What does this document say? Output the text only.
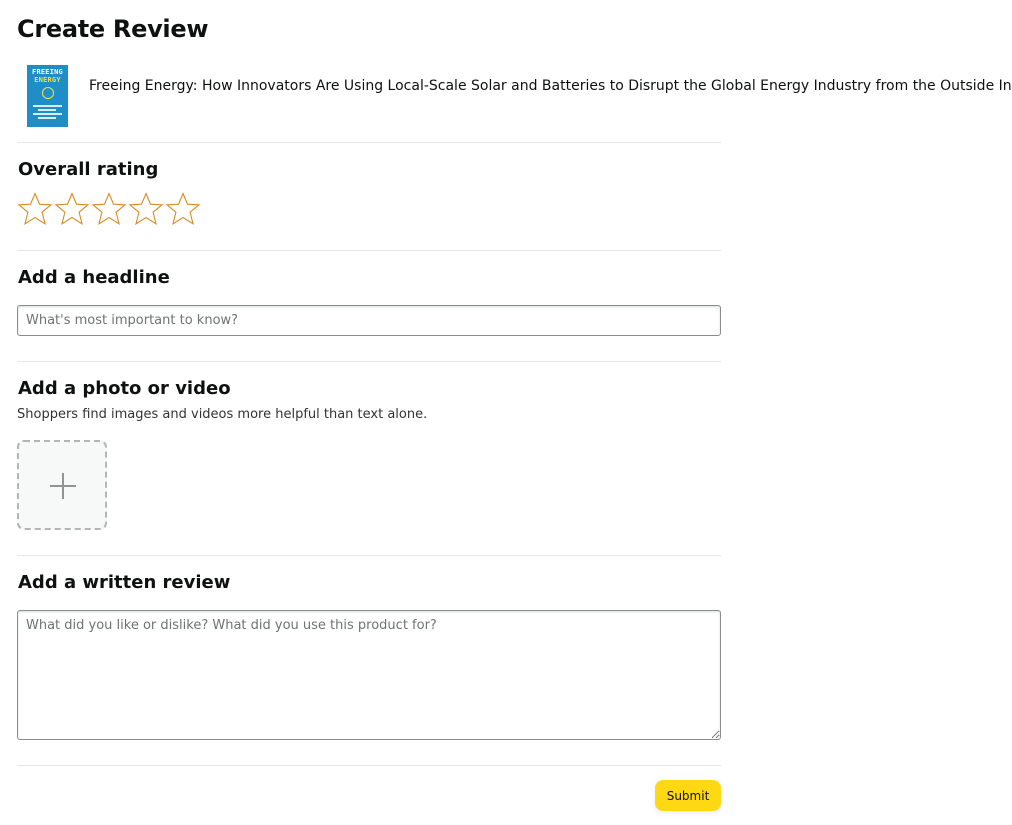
Create Review
FREEING
ENERGY	Freeing Energy: How Innovators Are Using Local-Scale Solar and Batteries to Disrupt the Global Energy Industry from the Outside In
Overall rating
Add a headline
What's most important to know?
Add a photo or video
Shoppers find images and videos more helpful than text alone.
Add a written review
What did you like or dislike? What did you use this product for?
Submit
